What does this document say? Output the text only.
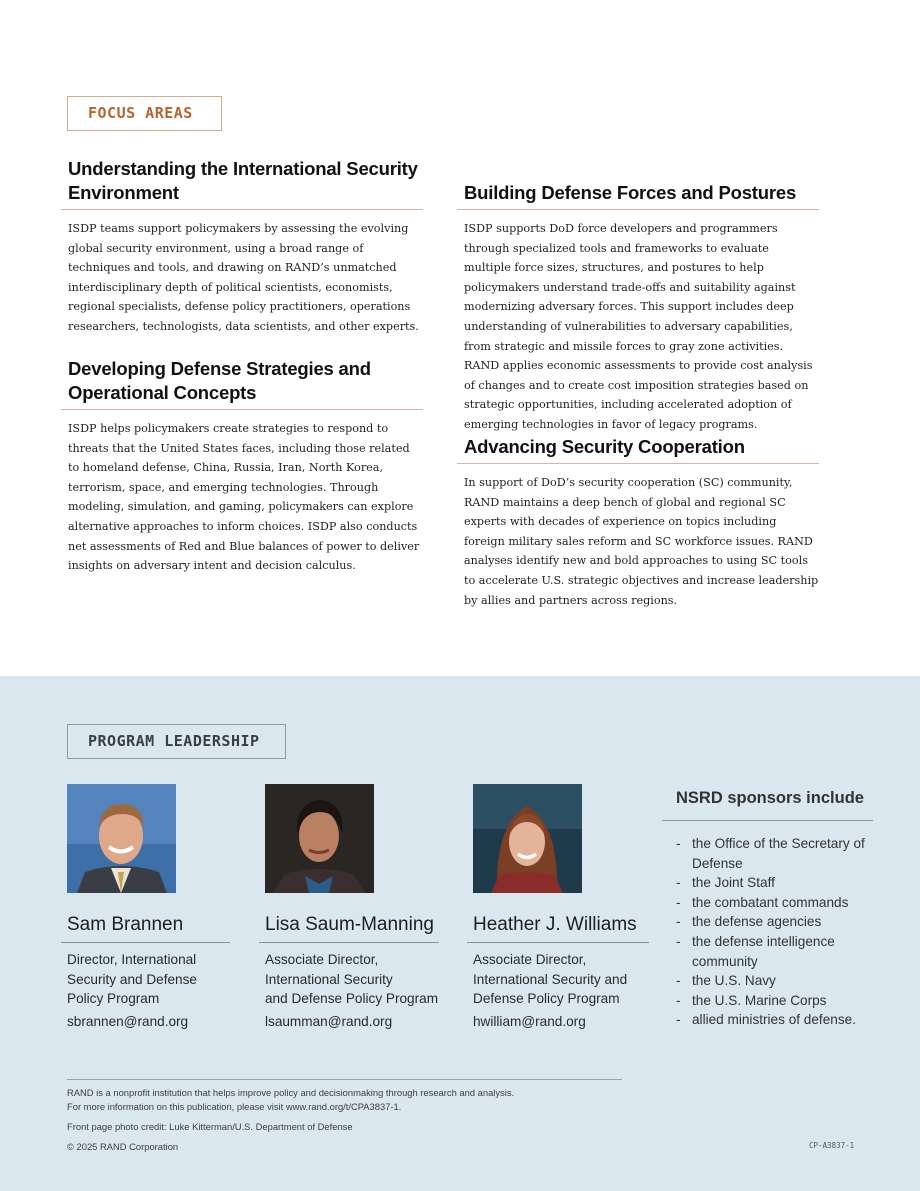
FOCUS AREAS
Understanding the International Security Environment

ISDP teams support policymakers by assessing the evolving global security environment, using a broad range of techniques and tools, and drawing on RAND’s unmatched interdisciplinary depth of political scientists, economists, regional specialists, defense policy practitioners, operations researchers, technologists, data scientists, and other experts.

Developing Defense Strategies and Operational Concepts

ISDP helps policymakers create strategies to respond to threats that the United States faces, including those related to homeland defense, China, Russia, Iran, North Korea, terrorism, space, and emerging technologies. Through modeling, simulation, and gaming, policymakers can explore alternative approaches to inform choices. ISDP also conducts net assessments of Red and Blue balances of power to deliver insights on adversary intent and decision calculus.

Building Defense Forces and Postures

ISDP supports DoD force developers and programmers through specialized tools and frameworks to evaluate multiple force sizes, structures, and postures to help policymakers understand trade-offs and suitability against modernizing adversary forces. This support includes deep understanding of vulnerabilities to adversary capabilities, from strategic and missile forces to gray zone activities. RAND applies economic assessments to provide cost analysis of changes and to create cost imposition strategies based on strategic opportunities, including accelerated adoption of emerging technologies in favor of legacy programs.

Advancing Security Cooperation

In support of DoD’s security cooperation (SC) community, RAND maintains a deep bench of global and regional SC experts with decades of experience on topics including foreign military sales reform and SC workforce issues. RAND analyses identify new and bold approaches to using SC tools to accelerate U.S. strategic objectives and increase leadership by allies and partners across regions.

PROGRAM LEADERSHIP
Sam Brannen
Director, International
Security and Defense
Policy Program
sbrannen@rand.org
Lisa Saum-Manning
Associate Director,
International Security
and Defense Policy Program
lsaumman@rand.org
Heather J. Williams
Associate Director,
International Security and
Defense Policy Program
hwilliam@rand.org
NSRD sponsors include
- the Office of the Secretary of Defense
- the Joint Staff
- the combatant commands
- the defense agencies
- the defense intelligence community
- the U.S. Navy
- the U.S. Marine Corps
- allied ministries of defense.
RAND is a nonprofit institution that helps improve policy and decisionmaking through research and analysis.
For more information on this publication, please visit www.rand.org/t/CPA3837-1.
Front page photo credit: Luke Kitterman/U.S. Department of Defense
© 2025 RAND Corporation	CP-A3837-1
